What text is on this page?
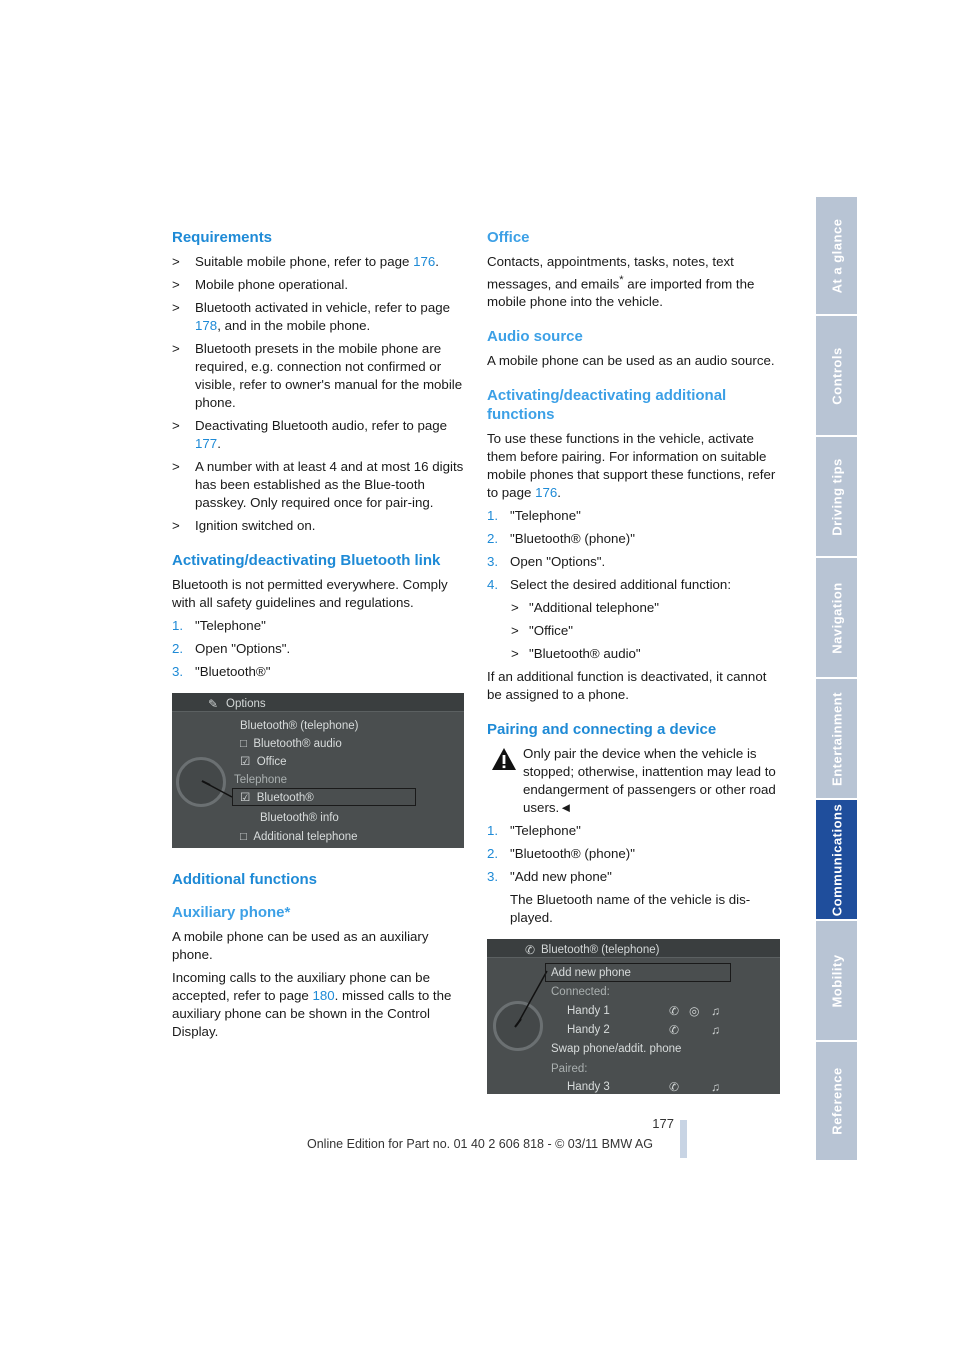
Requirements
> Suitable mobile phone, refer to page 176.
> Mobile phone operational.
> Bluetooth activated in vehicle, refer to page 178, and in the mobile phone.
> Bluetooth presets in the mobile phone are required, e.g. connection not confirmed or visible, refer to owner's manual for the mobile phone.
> Deactivating Bluetooth audio, refer to page 177.
> A number with at least 4 and at most 16 digits has been established as the Blue-tooth passkey. Only required once for pair-ing.
> Ignition switched on.
Activating/deactivating Bluetooth link

Bluetooth is not permitted everywhere. Comply with all safety guidelines and regulations.

1. "Telephone"
2. Open "Options".
3. "Bluetooth®"
✎ Options
Bluetooth® (telephone)
□  Bluetooth® audio
☑  Office
Telephone
☑  Bluetooth®
Bluetooth® info
□  Additional telephone
Additional functions
Auxiliary phone*

A mobile phone can be used as an auxiliary phone.

Incoming calls to the auxiliary phone can be accepted, refer to page 180. missed calls to the auxiliary phone can be shown in the Control Display.

Office

Contacts, appointments, tasks, notes, text messages, and emails* are imported from the mobile phone into the vehicle.

Audio source

A mobile phone can be used as an audio source.

Activating/deactivating additional functions

To use these functions in the vehicle, activate them before pairing. For information on suitable mobile phones that support these functions, refer to page 176.

1. "Telephone"
2. "Bluetooth® (phone)"
3. Open "Options".
4. Select the desired additional function:
> "Additional telephone"
> "Office"
> "Bluetooth® audio"

If an additional function is deactivated, it cannot be assigned to a phone.

Pairing and connecting a device
Only pair the device when the vehicle is stopped; otherwise, inattention may lead to endangerment of passengers or other road users.◄
1. "Telephone"
2. "Bluetooth® (phone)"
3. "Add new phone"
The Bluetooth name of the vehicle is dis-played.
✆ Bluetooth® (telephone)
Add new phone
Connected:
Handy 1	✆ ◎ ♫
Handy 2	✆	♫
Swap phone/addit. phone
Paired:
Handy 3	✆	♫
At a glance
Controls
Driving tips
Navigation
Entertainment
Communications
Mobility
Reference
177
Online Edition for Part no. 01 40 2 606 818 - © 03/11 BMW AG
